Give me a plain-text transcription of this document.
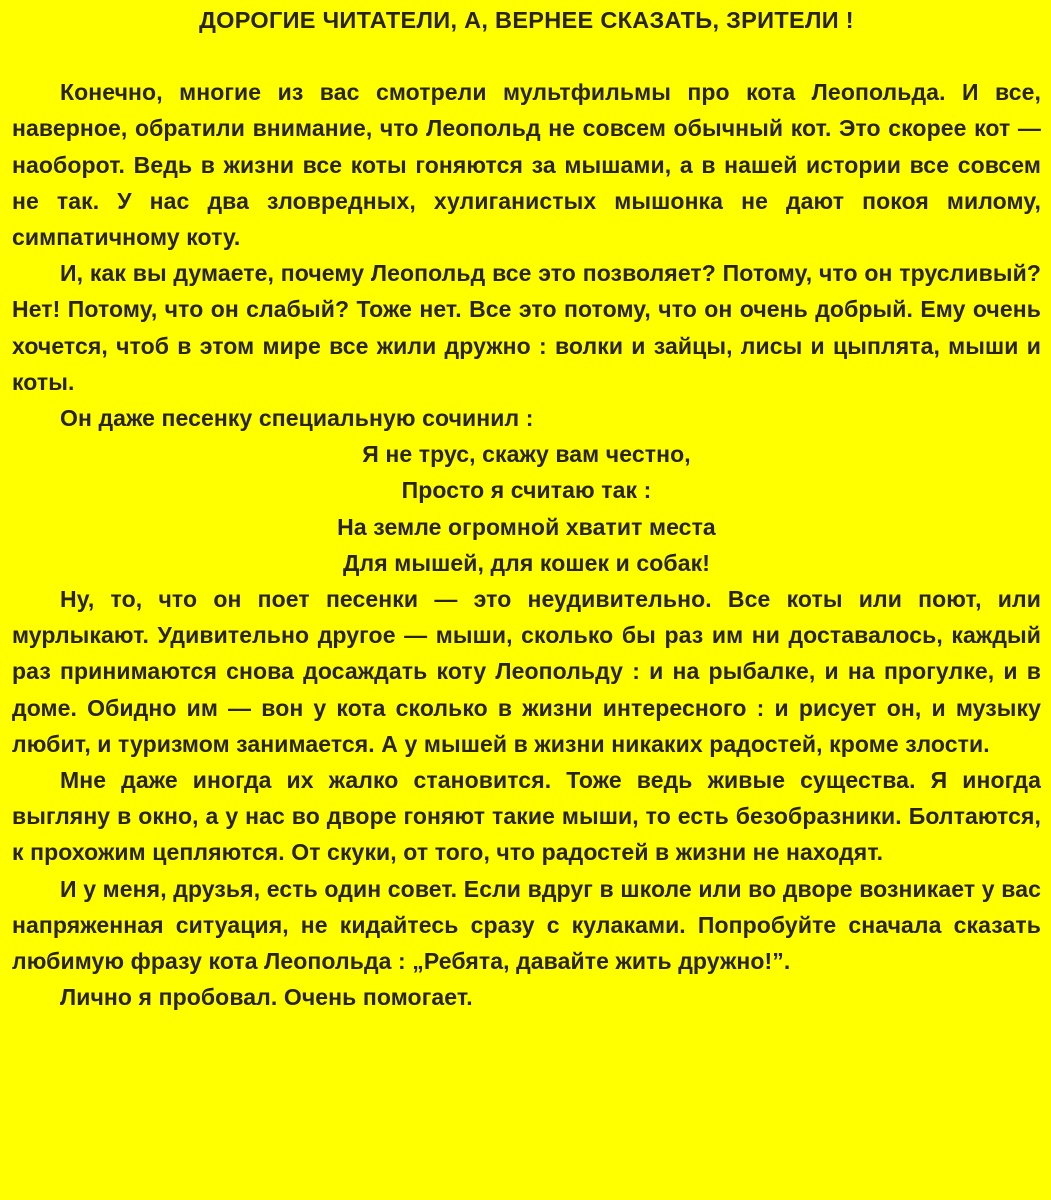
ДОРОГИЕ ЧИТАТЕЛИ, А, ВЕРНЕЕ СКАЗАТЬ, ЗРИТЕЛИ !

Конечно, многие из вас смотрели мультфильмы про кота Леопольда. И все, наверное, обратили внимание, что Леопольд не совсем обычный кот. Это скорее кот — наоборот. Ведь в жизни все коты гоняются за мышами, а в нашей истории все совсем не так. У нас два зловредных, хулиганистых мышонка не дают покоя милому, симпатичному коту.

И, как вы думаете, почему Леопольд все это позволяет? Потому, что он трусливый? Нет! Потому, что он слабый? Тоже нет. Все это потому, что он очень добрый. Ему очень хочется, чтоб в этом мире все жили дружно : волки и зайцы, лисы и цыплята, мыши и коты.

Он даже песенку специальную сочинил :

Я не трус, скажу вам честно,

Просто я считаю так :

На земле огромной хватит места

Для мышей, для кошек и собак!

Ну, то, что он поет песенки — это неудивительно. Все коты или поют, или мурлыкают. Удивительно другое — мыши, сколько бы раз им ни доставалось, каждый раз принимаются снова досаждать коту Леопольду : и на рыбалке, и на прогулке, и в доме. Обидно им — вон у кота сколько в жизни интересного : и рисует он, и музыку любит, и туризмом занимается. А у мышей в жизни никаких радостей, кроме злости.

Мне даже иногда их жалко становится. Тоже ведь живые существа. Я иногда выгляну в окно, а у нас во дворе гоняют такие мыши, то есть безобразники. Болтаются, к прохожим цепляются. От скуки, от того, что радостей в жизни не находят.

И у меня, друзья, есть один совет. Если вдруг в школе или во дворе возникает у вас напряженная ситуация, не кидайтесь сразу с кулаками. Попробуйте сначала сказать любимую фразу кота Леопольда : „Ребята, давайте жить дружно!”.

Лично я пробовал. Очень помогает.
